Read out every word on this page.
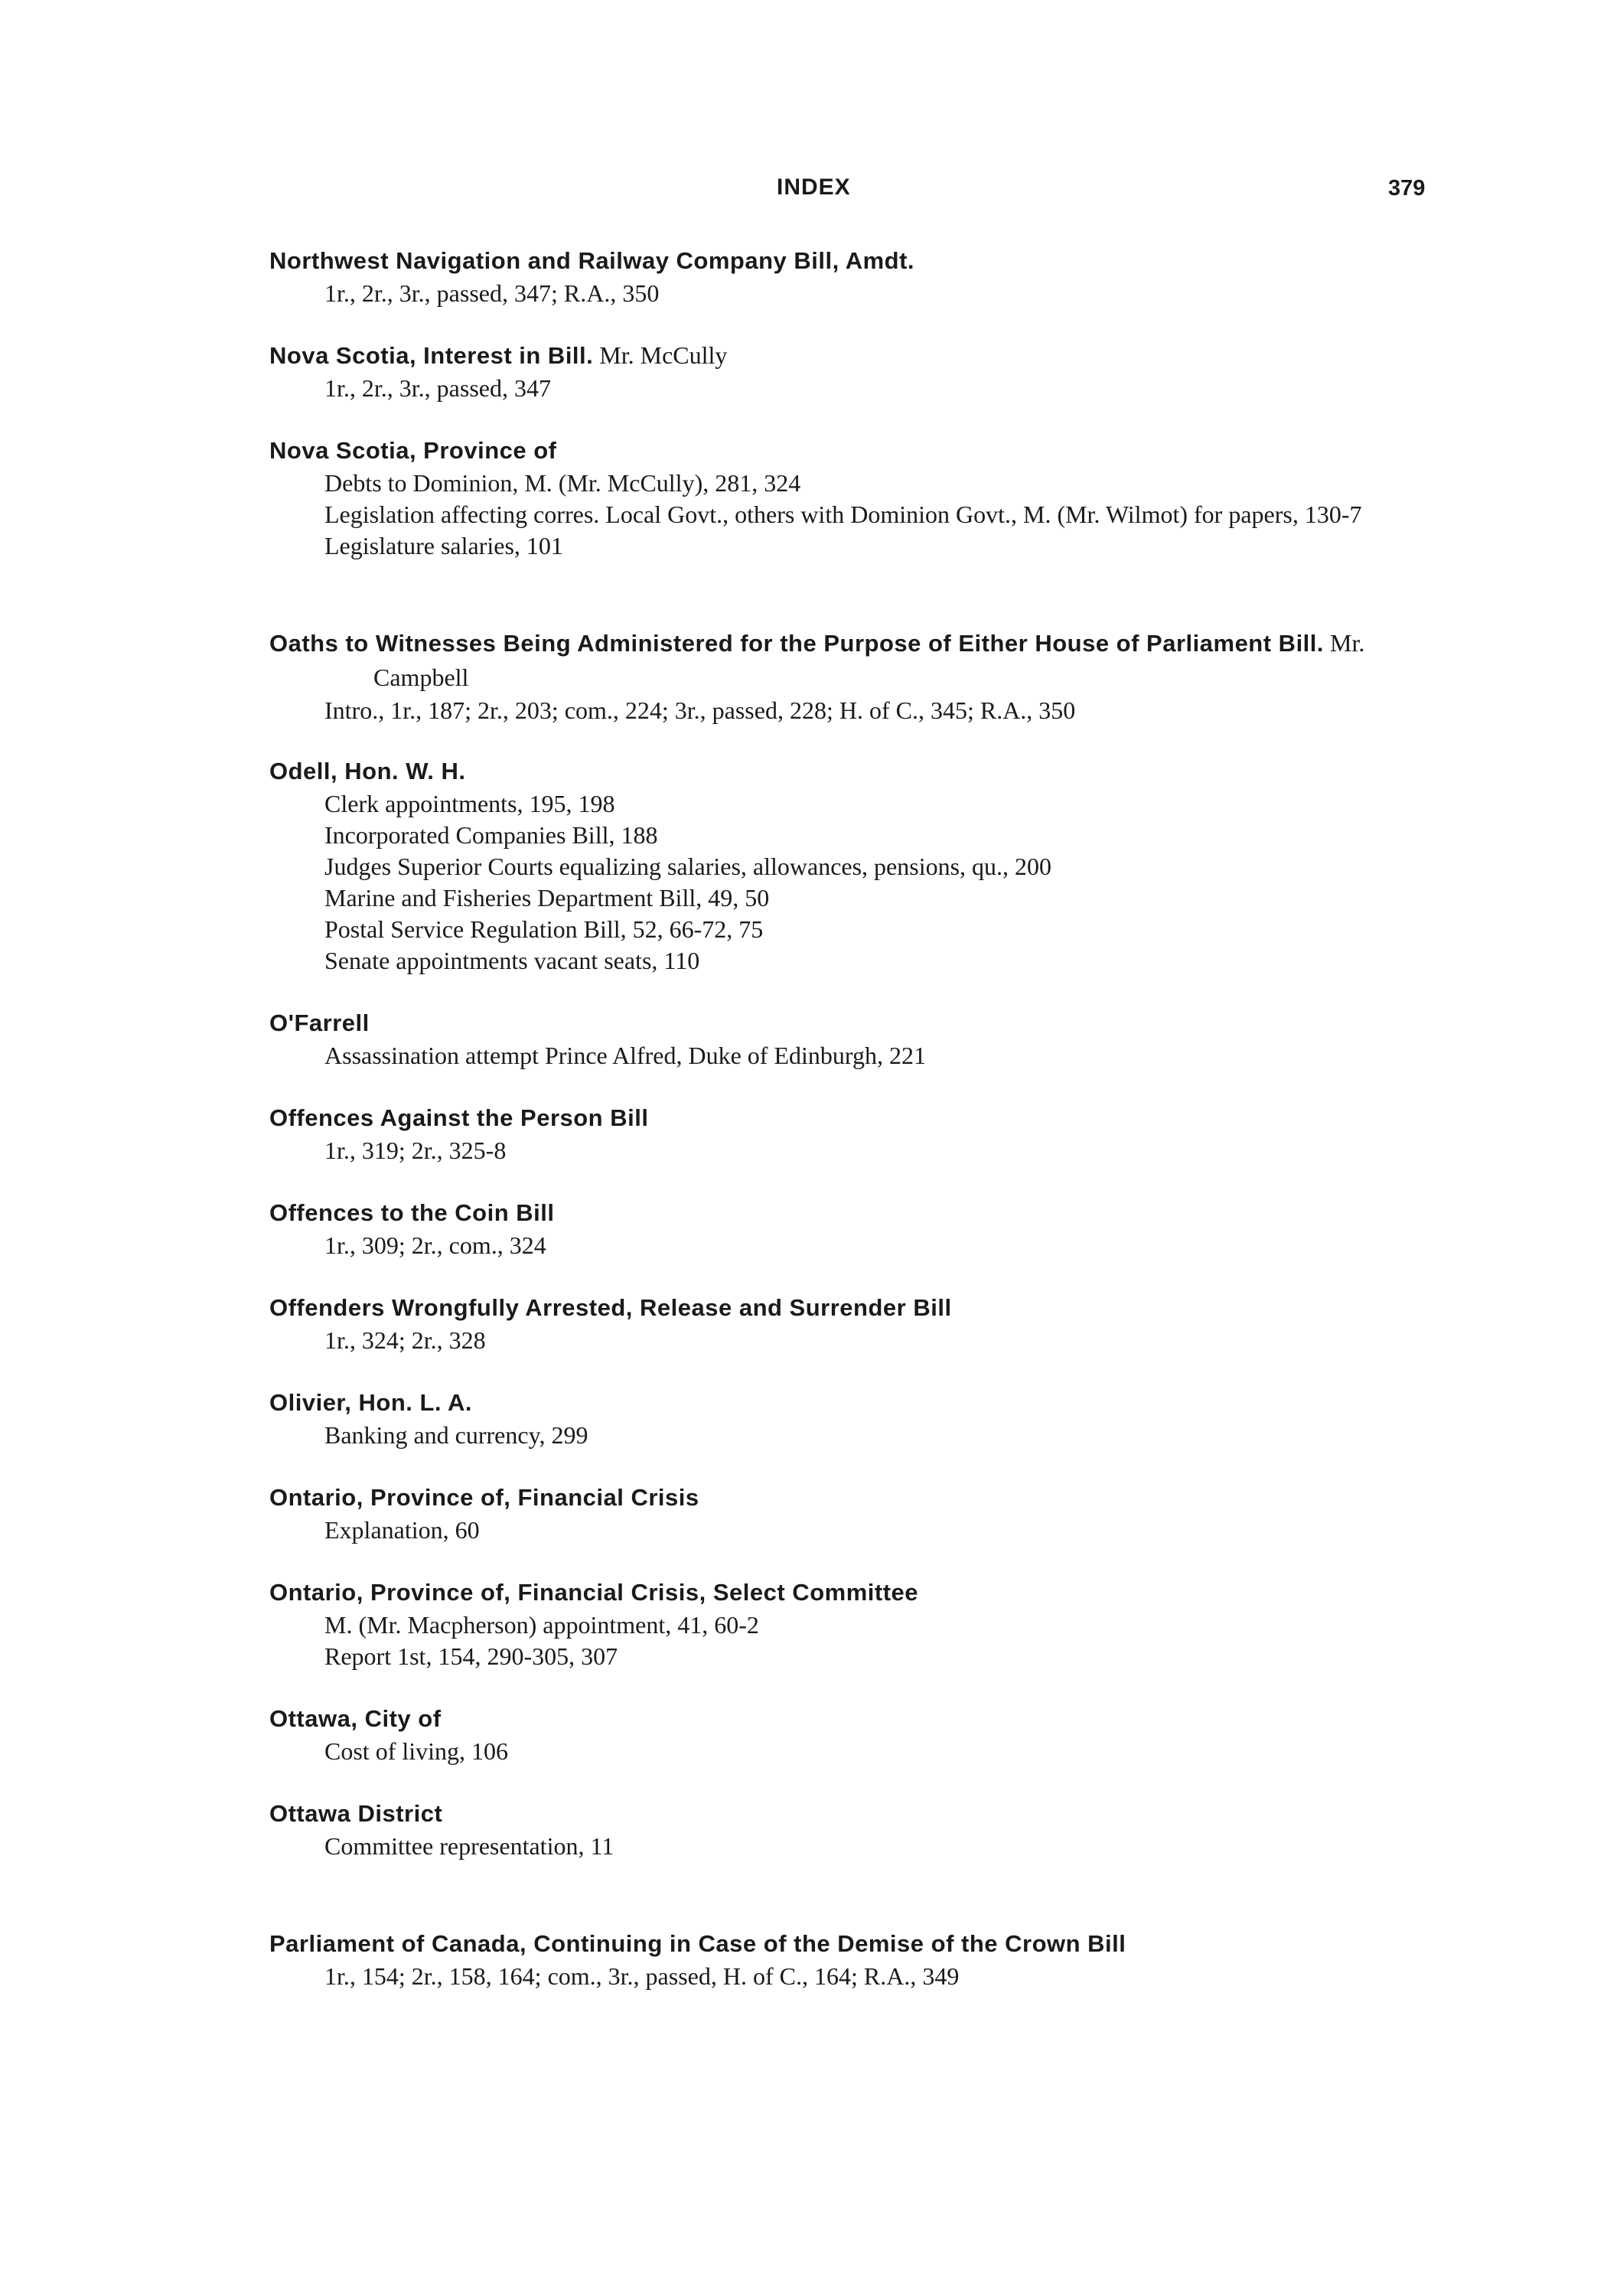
INDEX	379
Northwest Navigation and Railway Company Bill, Amdt.
1r., 2r., 3r., passed, 347; R.A., 350
Nova Scotia, Interest in Bill. Mr. McCully
1r., 2r., 3r., passed, 347
Nova Scotia, Province of
Debts to Dominion, M. (Mr. McCully), 281, 324
Legislation affecting corres. Local Govt., others with Dominion Govt., M. (Mr. Wilmot) for papers, 130-7
Legislature salaries, 101
Oaths to Witnesses Being Administered for the Purpose of Either House of Parliament Bill. Mr. Campbell
Intro., 1r., 187; 2r., 203; com., 224; 3r., passed, 228; H. of C., 345; R.A., 350
Odell, Hon. W. H.
Clerk appointments, 195, 198
Incorporated Companies Bill, 188
Judges Superior Courts equalizing salaries, allowances, pensions, qu., 200
Marine and Fisheries Department Bill, 49, 50
Postal Service Regulation Bill, 52, 66-72, 75
Senate appointments vacant seats, 110
O'Farrell
Assassination attempt Prince Alfred, Duke of Edinburgh, 221
Offences Against the Person Bill
1r., 319; 2r., 325-8
Offences to the Coin Bill
1r., 309; 2r., com., 324
Offenders Wrongfully Arrested, Release and Surrender Bill
1r., 324; 2r., 328
Olivier, Hon. L. A.
Banking and currency, 299
Ontario, Province of, Financial Crisis
Explanation, 60
Ontario, Province of, Financial Crisis, Select Committee
M. (Mr. Macpherson) appointment, 41, 60-2
Report 1st, 154, 290-305, 307
Ottawa, City of
Cost of living, 106
Ottawa District
Committee representation, 11
Parliament of Canada, Continuing in Case of the Demise of the Crown Bill
1r., 154; 2r., 158, 164; com., 3r., passed, H. of C., 164; R.A., 349
